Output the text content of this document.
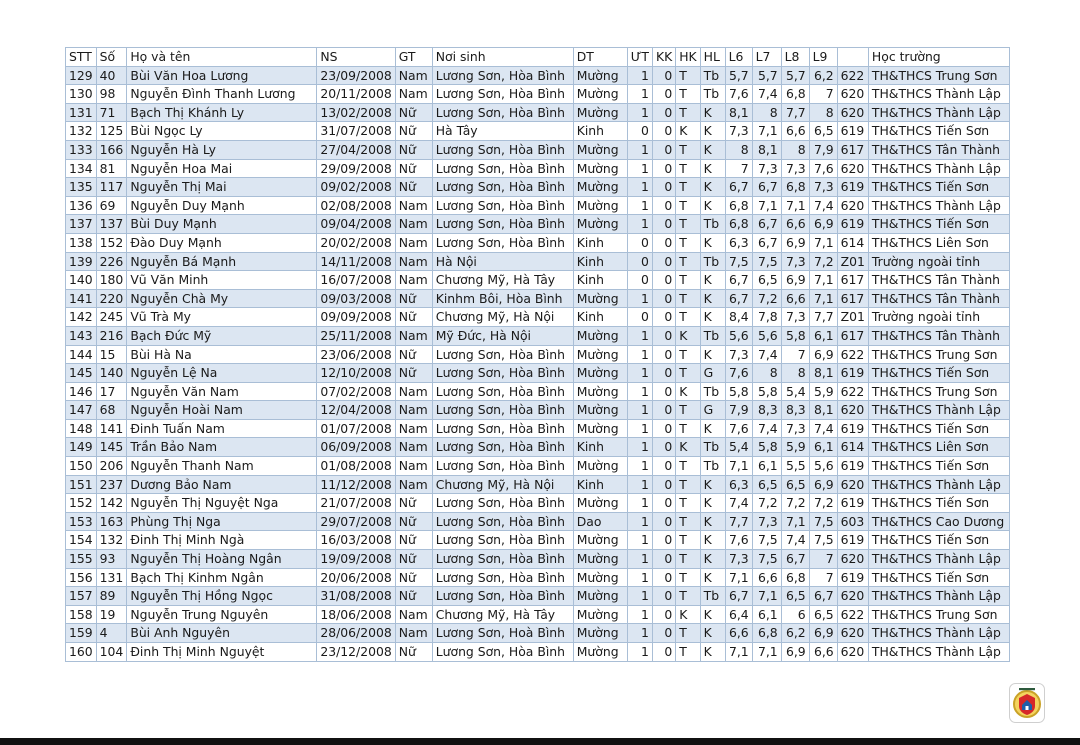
STT	Số	Họ và tên	NS	GT	Nơi sinh	DT	ƯT	KK	HK	HL	L6	L7	L8	L9		Học trường
129	40	Bùi Văn Hoa Lương	23/09/2008	Nam	Lương Sơn, Hòa Bình	Mường	1	0	T	Tb	5,7	5,7	5,7	6,2	622	TH&THCS Trung Sơn
130	98	Nguyễn Đình Thanh Lương	20/11/2008	Nam	Lương Sơn, Hòa Bình	Mường	1	0	T	Tb	7,6	7,4	6,8	7	620	TH&THCS Thành Lập
131	71	Bạch Thị Khánh Ly	13/02/2008	Nữ	Lương Sơn, Hòa Bình	Mường	1	0	T	K	8,1	8	7,7	8	620	TH&THCS Thành Lập
132	125	Bùi Ngọc Ly	31/07/2008	Nữ	Hà Tây	Kinh	0	0	K	K	7,3	7,1	6,6	6,5	619	TH&THCS Tiến Sơn
133	166	Nguyễn Hà Ly	27/04/2008	Nữ	Lương Sơn, Hòa Bình	Mường	1	0	T	K	8	8,1	8	7,9	617	TH&THCS Tân Thành
134	81	Nguyễn Hoa Mai	29/09/2008	Nữ	Lương Sơn, Hòa Bình	Mường	1	0	T	K	7	7,3	7,3	7,6	620	TH&THCS Thành Lập
135	117	Nguyễn Thị Mai	09/02/2008	Nữ	Lương Sơn, Hòa Bình	Mường	1	0	T	K	6,7	6,7	6,8	7,3	619	TH&THCS Tiến Sơn
136	69	Nguyễn Duy Mạnh	02/08/2008	Nam	Lương Sơn, Hòa Bình	Mường	1	0	T	K	6,8	7,1	7,1	7,4	620	TH&THCS Thành Lập
137	137	Bùi Duy Mạnh	09/04/2008	Nam	Lương Sơn, Hòa Bình	Mường	1	0	T	Tb	6,8	6,7	6,6	6,9	619	TH&THCS Tiến Sơn
138	152	Đào Duy Mạnh	20/02/2008	Nam	Lương Sơn, Hòa Bình	Kinh	0	0	T	K	6,3	6,7	6,9	7,1	614	TH&THCS Liên Sơn
139	226	Nguyễn Bá Mạnh	14/11/2008	Nam	Hà Nội	Kinh	0	0	T	Tb	7,5	7,5	7,3	7,2	Z01	Trường ngoài tỉnh
140	180	Vũ Văn Minh	16/07/2008	Nam	Chương Mỹ, Hà Tây	Kinh	0	0	T	K	6,7	6,5	6,9	7,1	617	TH&THCS Tân Thành
141	220	Nguyễn Chà My	09/03/2008	Nữ	Kinhm Bôi, Hòa Bình	Mường	1	0	T	K	6,7	7,2	6,6	7,1	617	TH&THCS Tân Thành
142	245	Vũ Trà My	09/09/2008	Nữ	Chương Mỹ, Hà Nội	Kinh	0	0	T	K	8,4	7,8	7,3	7,7	Z01	Trường ngoài tỉnh
143	216	Bạch Đức Mỹ	25/11/2008	Nam	Mỹ Đức, Hà Nội	Mường	1	0	K	Tb	5,6	5,6	5,8	6,1	617	TH&THCS Tân Thành
144	15	Bùi Hà Na	23/06/2008	Nữ	Lương Sơn, Hòa Bình	Mường	1	0	T	K	7,3	7,4	7	6,9	622	TH&THCS Trung Sơn
145	140	Nguyễn Lệ Na	12/10/2008	Nữ	Lương Sơn, Hòa Bình	Mường	1	0	T	G	7,6	8	8	8,1	619	TH&THCS Tiến Sơn
146	17	Nguyễn Văn Nam	07/02/2008	Nam	Lương Sơn, Hòa Bình	Mường	1	0	K	Tb	5,8	5,8	5,4	5,9	622	TH&THCS Trung Sơn
147	68	Nguyễn Hoài Nam	12/04/2008	Nam	Lương Sơn, Hòa Bình	Mường	1	0	T	G	7,9	8,3	8,3	8,1	620	TH&THCS Thành Lập
148	141	Đinh Tuấn Nam	01/07/2008	Nam	Lương Sơn, Hòa Bình	Mường	1	0	T	K	7,6	7,4	7,3	7,4	619	TH&THCS Tiến Sơn
149	145	Trần Bảo Nam	06/09/2008	Nam	Lương Sơn, Hòa Bình	Kinh	1	0	K	Tb	5,4	5,8	5,9	6,1	614	TH&THCS Liên Sơn
150	206	Nguyễn Thanh Nam	01/08/2008	Nam	Lương Sơn, Hòa Bình	Mường	1	0	T	Tb	7,1	6,1	5,5	5,6	619	TH&THCS Tiến Sơn
151	237	Dương Bảo Nam	11/12/2008	Nam	Chương Mỹ, Hà Nội	Kinh	1	0	T	K	6,3	6,5	6,5	6,9	620	TH&THCS Thành Lập
152	142	Nguyễn Thị Nguyệt Nga	21/07/2008	Nữ	Lương Sơn, Hòa Bình	Mường	1	0	T	K	7,4	7,2	7,2	7,2	619	TH&THCS Tiến Sơn
153	163	Phùng Thị Nga	29/07/2008	Nữ	Lương Sơn, Hòa Bình	Dao	1	0	T	K	7,7	7,3	7,1	7,5	603	TH&THCS Cao Dương
154	132	Đinh Thị Minh Ngà	16/03/2008	Nữ	Lương Sơn, Hòa Bình	Mường	1	0	T	K	7,6	7,5	7,4	7,5	619	TH&THCS Tiến Sơn
155	93	Nguyễn Thị Hoàng Ngân	19/09/2008	Nữ	Lương Sơn, Hòa Bình	Mường	1	0	T	K	7,3	7,5	6,7	7	620	TH&THCS Thành Lập
156	131	Bạch Thị Kinhm Ngân	20/06/2008	Nữ	Lương Sơn, Hòa Bình	Mường	1	0	T	K	7,1	6,6	6,8	7	619	TH&THCS Tiến Sơn
157	89	Nguyễn Thị Hồng Ngọc	31/08/2008	Nữ	Lương Sơn, Hòa Bình	Mường	1	0	T	Tb	6,7	7,1	6,5	6,7	620	TH&THCS Thành Lập
158	19	Nguyễn Trung Nguyên	18/06/2008	Nam	Chương Mỹ, Hà Tây	Mường	1	0	K	K	6,4	6,1	6	6,5	622	TH&THCS Trung Sơn
159	4	Bùi Anh Nguyên	28/06/2008	Nam	Lương Sơn, Hoà Bình	Mường	1	0	T	K	6,6	6,8	6,2	6,9	620	TH&THCS Thành Lập
160	104	Đinh Thị Minh Nguyệt	23/12/2008	Nữ	Lương Sơn, Hòa Bình	Mường	1	0	T	K	7,1	7,1	6,9	6,6	620	TH&THCS Thành Lập
